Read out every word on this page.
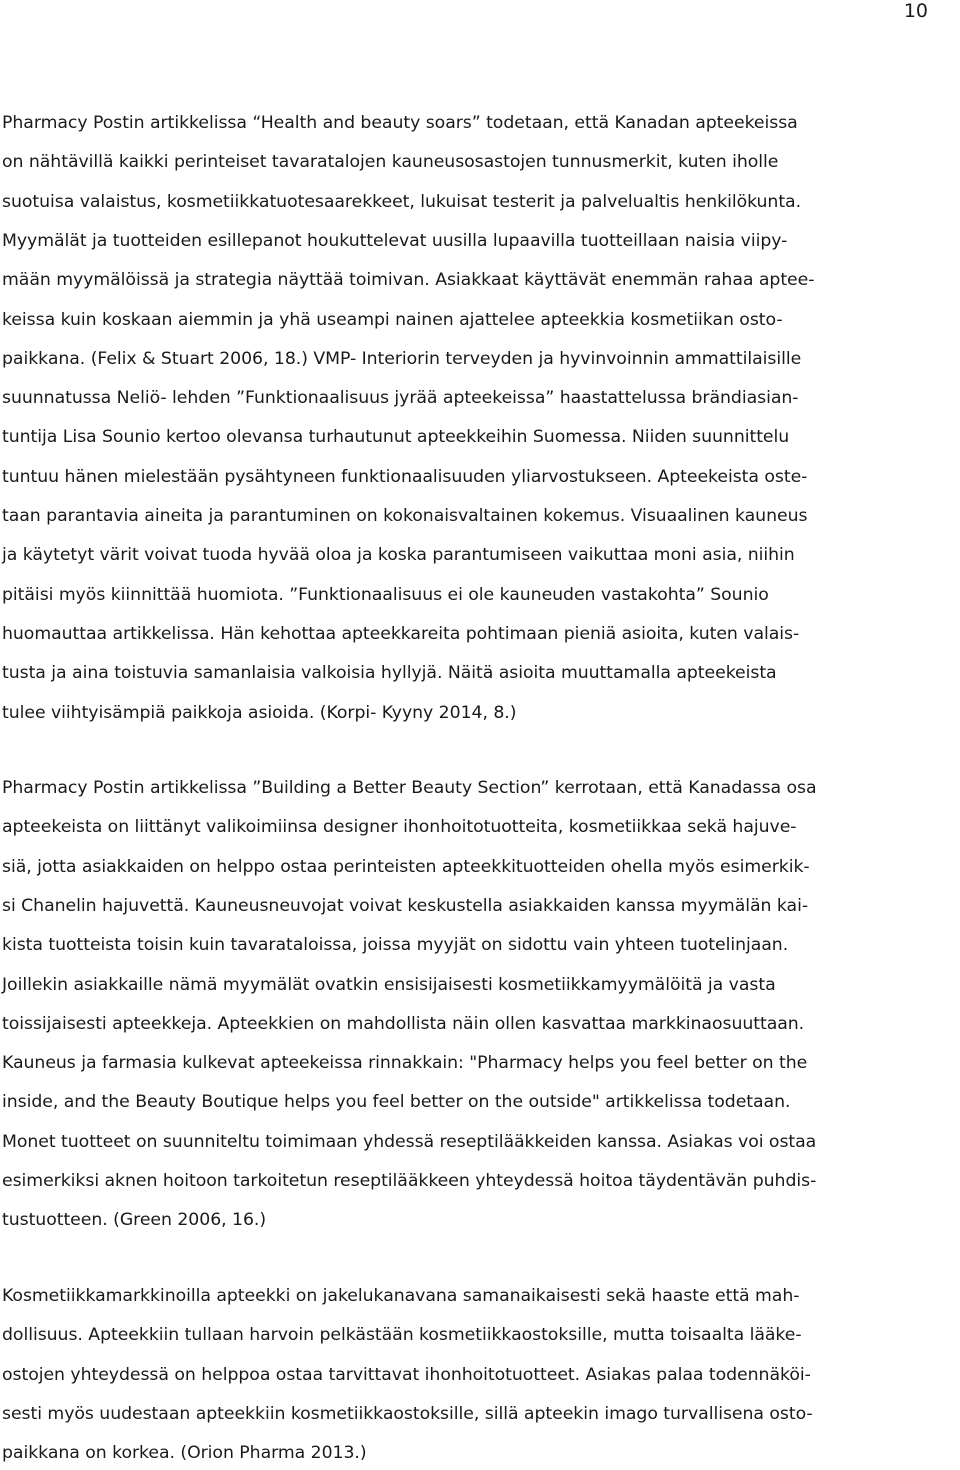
10
Pharmacy Postin artikkelissa “Health and beauty soars” todetaan, että Kanadan apteekeissa
on nähtävillä kaikki perinteiset tavaratalojen kauneusosastojen tunnusmerkit, kuten iholle
suotuisa valaistus, kosmetiikkatuotesaarekkeet, lukuisat testerit ja palvelualtis henkilökunta.
Myymälät ja tuotteiden esillepanot houkuttelevat uusilla lupaavilla tuotteillaan naisia viipy-
mään myymälöissä ja strategia näyttää toimivan. Asiakkaat käyttävät enemmän rahaa aptee-
keissa kuin koskaan aiemmin ja yhä useampi nainen ajattelee apteekkia kosmetiikan osto-
paikkana. (Felix & Stuart 2006, 18.) VMP- Interiorin terveyden ja hyvinvoinnin ammattilaisille
suunnatussa Neliö- lehden ”Funktionaalisuus jyrää apteekeissa” haastattelussa brändiasian-
tuntija Lisa Sounio kertoo olevansa turhautunut apteekkeihin Suomessa. Niiden suunnittelu
tuntuu hänen mielestään pysähtyneen funktionaalisuuden yliarvostukseen. Apteekeista oste-
taan parantavia aineita ja parantuminen on kokonaisvaltainen kokemus. Visuaalinen kauneus
ja käytetyt värit voivat tuoda hyvää oloa ja koska parantumiseen vaikuttaa moni asia, niihin
pitäisi myös kiinnittää huomiota. ”Funktionaalisuus ei ole kauneuden vastakohta” Sounio
huomauttaa artikkelissa. Hän kehottaa apteekkareita pohtimaan pieniä asioita, kuten valais-
tusta ja aina toistuvia samanlaisia valkoisia hyllyjä. Näitä asioita muuttamalla apteekeista
tulee viihtyisämpiä paikkoja asioida. (Korpi- Kyyny 2014, 8.)
Pharmacy Postin artikkelissa ”Building a Better Beauty Section” kerrotaan, että Kanadassa osa
apteekeista on liittänyt valikoimiinsa designer ihonhoitotuotteita, kosmetiikkaa sekä hajuve-
siä, jotta asiakkaiden on helppo ostaa perinteisten apteekkituotteiden ohella myös esimerkik-
si Chanelin hajuvettä. Kauneusneuvojat voivat keskustella asiakkaiden kanssa myymälän kai-
kista tuotteista toisin kuin tavarataloissa, joissa myyjät on sidottu vain yhteen tuotelinjaan.
Joillekin asiakkaille nämä myymälät ovatkin ensisijaisesti kosmetiikkamyymälöitä ja vasta
toissijaisesti apteekkeja. Apteekkien on mahdollista näin ollen kasvattaa markkinaosuuttaan.
Kauneus ja farmasia kulkevat apteekeissa rinnakkain: "Pharmacy helps you feel better on the
inside, and the Beauty Boutique helps you feel better on the outside" artikkelissa todetaan.
Monet tuotteet on suunniteltu toimimaan yhdessä reseptilääkkeiden kanssa. Asiakas voi ostaa
esimerkiksi aknen hoitoon tarkoitetun reseptilääkkeen yhteydessä hoitoa täydentävän puhdis-
tustuotteen. (Green 2006, 16.)
Kosmetiikkamarkkinoilla apteekki on jakelukanavana samanaikaisesti sekä haaste että mah-
dollisuus. Apteekkiin tullaan harvoin pelkästään kosmetiikkaostoksille, mutta toisaalta lääke-
ostojen yhteydessä on helppoa ostaa tarvittavat ihonhoitotuotteet. Asiakas palaa todennäköi-
sesti myös uudestaan apteekkiin kosmetiikkaostoksille, sillä apteekin imago turvallisena osto-
paikkana on korkea. (Orion Pharma 2013.)
